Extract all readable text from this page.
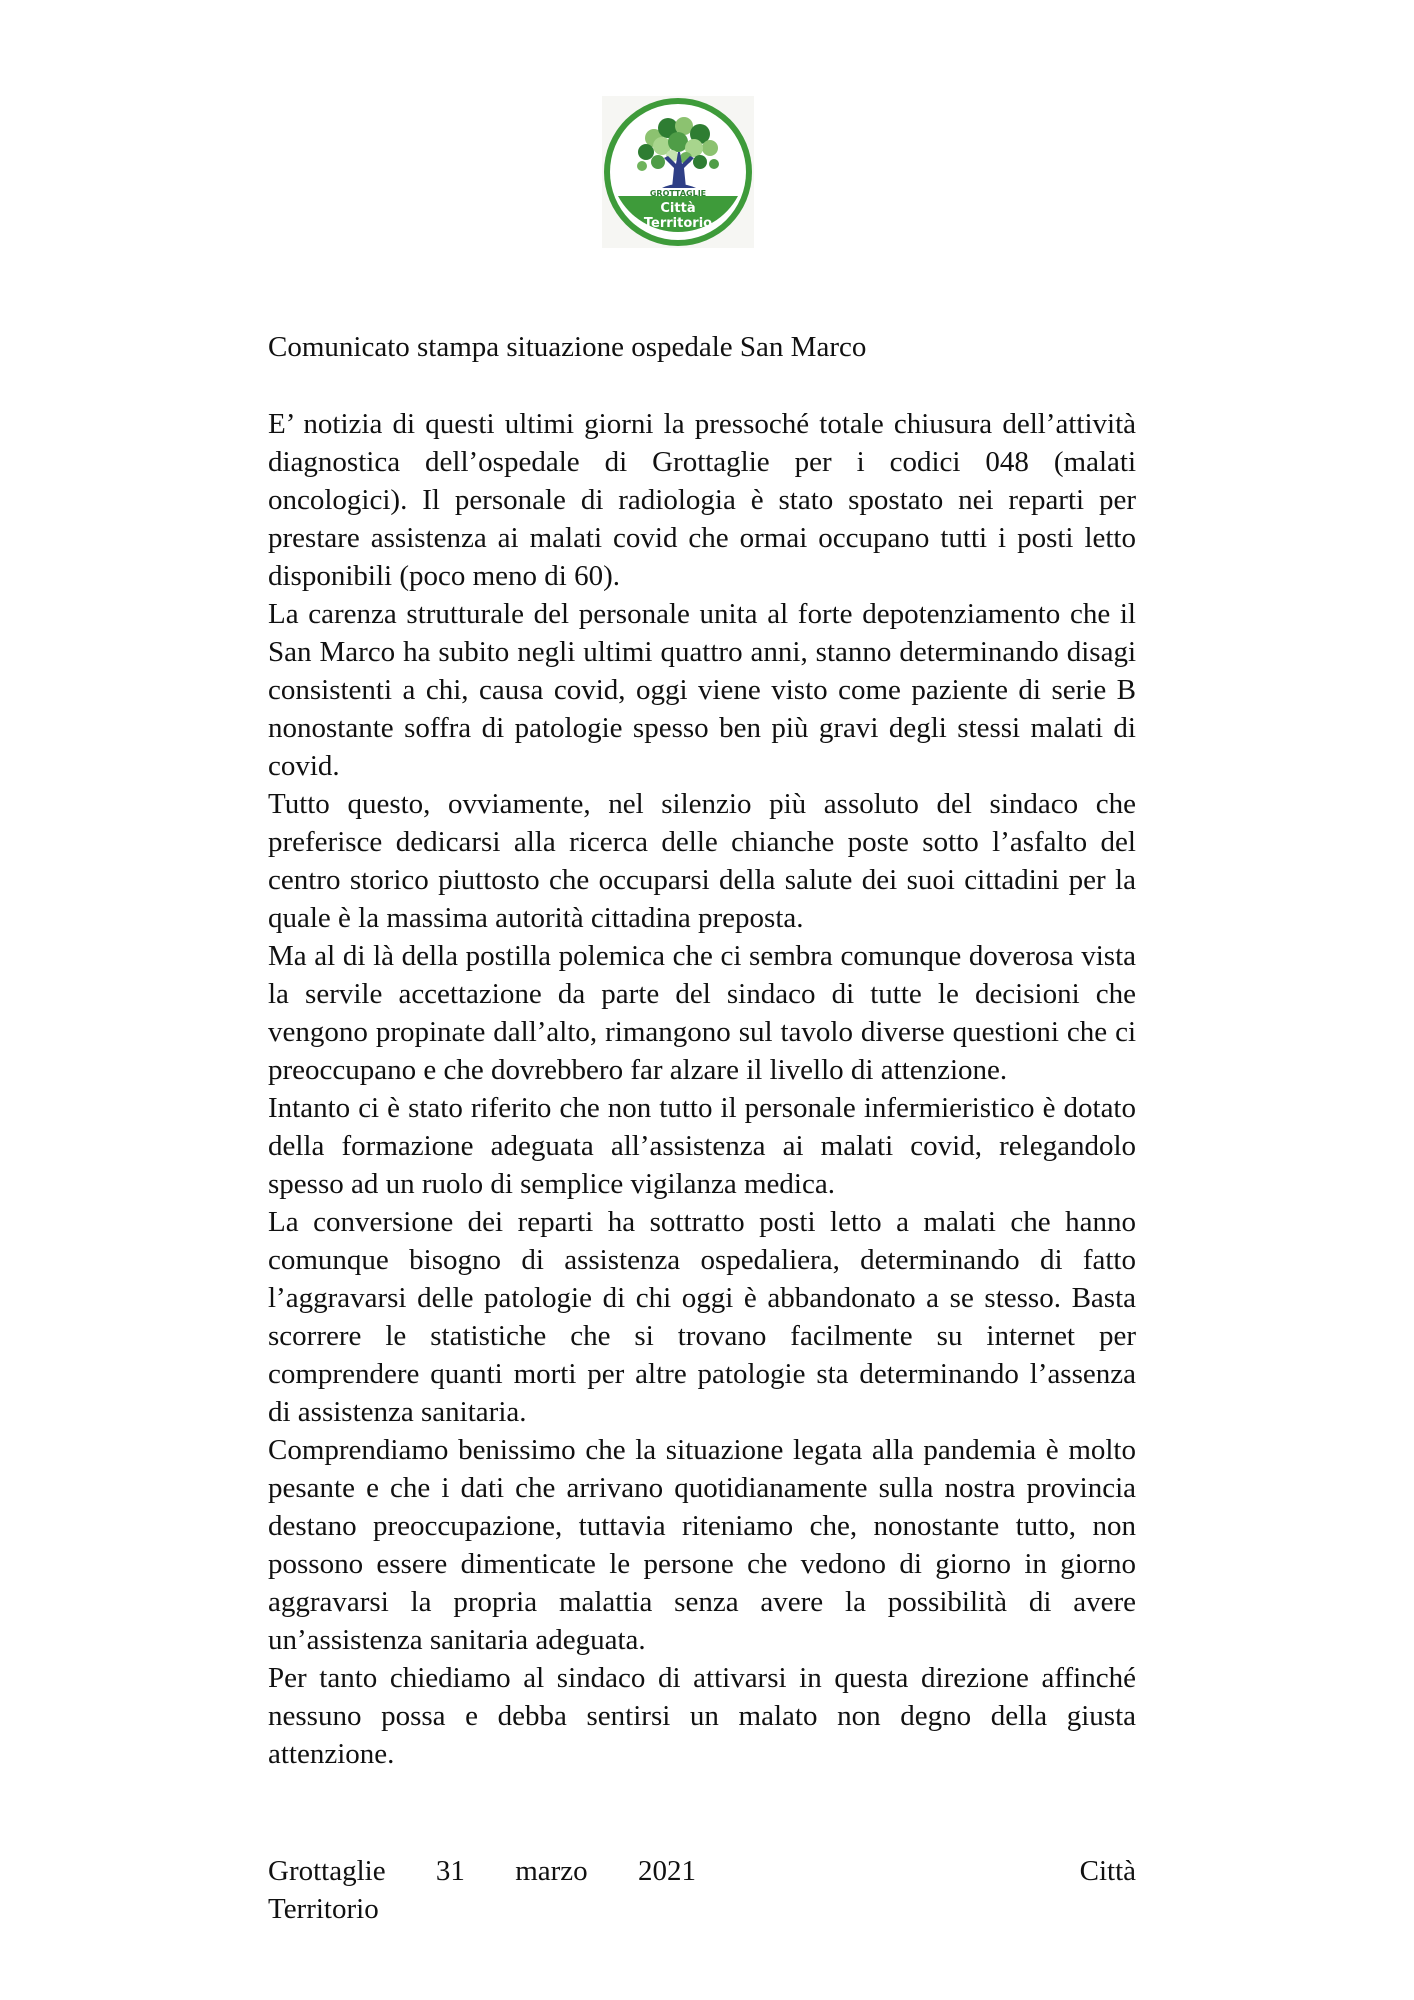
GROTTAGLIE
Città
Territorio
Comunicato stampa situazione ospedale San Marco

E’ notizia di questi ultimi giorni la pressoché totale chiusura dell’attività diagnostica dell’ospedale di Grottaglie per i codici 048 (malati oncologici). Il personale di radiologia è stato spostato nei reparti per prestare assistenza ai malati covid che ormai occupano tutti i posti letto disponibili (poco meno di 60).

La carenza strutturale del personale unita al forte depotenziamento che il San Marco ha subito negli ultimi quattro anni, stanno determinando disagi consistenti a chi, causa covid, oggi viene visto come paziente di serie B nonostante soffra di patologie spesso ben più gravi degli stessi malati di covid.

Tutto questo, ovviamente, nel silenzio più assoluto del sindaco che preferisce dedicarsi alla ricerca delle chianche poste sotto l’asfalto del centro storico piuttosto che occuparsi della salute dei suoi cittadini per la quale è la massima autorità cittadina preposta.

Ma al di là della postilla polemica che ci sembra comunque doverosa vista la servile accettazione da parte del sindaco di tutte le decisioni che vengono propinate dall’alto, rimangono sul tavolo diverse questioni che ci preoccupano e che dovrebbero far alzare il livello di attenzione.

Intanto ci è stato riferito che non tutto il personale infermieristico è dotato della formazione adeguata all’assistenza ai malati covid, relegandolo spesso ad un ruolo di semplice vigilanza medica.

La conversione dei reparti ha sottratto posti letto a malati che hanno comunque bisogno di assistenza ospedaliera, determinando di fatto l’aggravarsi delle patologie di chi oggi è abbandonato a se stesso. Basta scorrere le statistiche che si trovano facilmente su internet per comprendere quanti morti per altre patologie sta determinando l’assenza di assistenza sanitaria.

Comprendiamo benissimo che la situazione legata alla pandemia è molto pesante e che i dati che arrivano quotidianamente sulla nostra provincia destano preoccupazione, tuttavia riteniamo che, nonostante tutto, non possono essere dimenticate le persone che vedono di giorno in giorno aggravarsi la propria malattia senza avere la possibilità di avere un’assistenza sanitaria adeguata.

Per tanto chiediamo al sindaco di attivarsi in questa direzione affinché nessuno possa e debba sentirsi un malato non degno della giusta attenzione.

Grottaglie 31 marzo 2021	Città
Territorio
